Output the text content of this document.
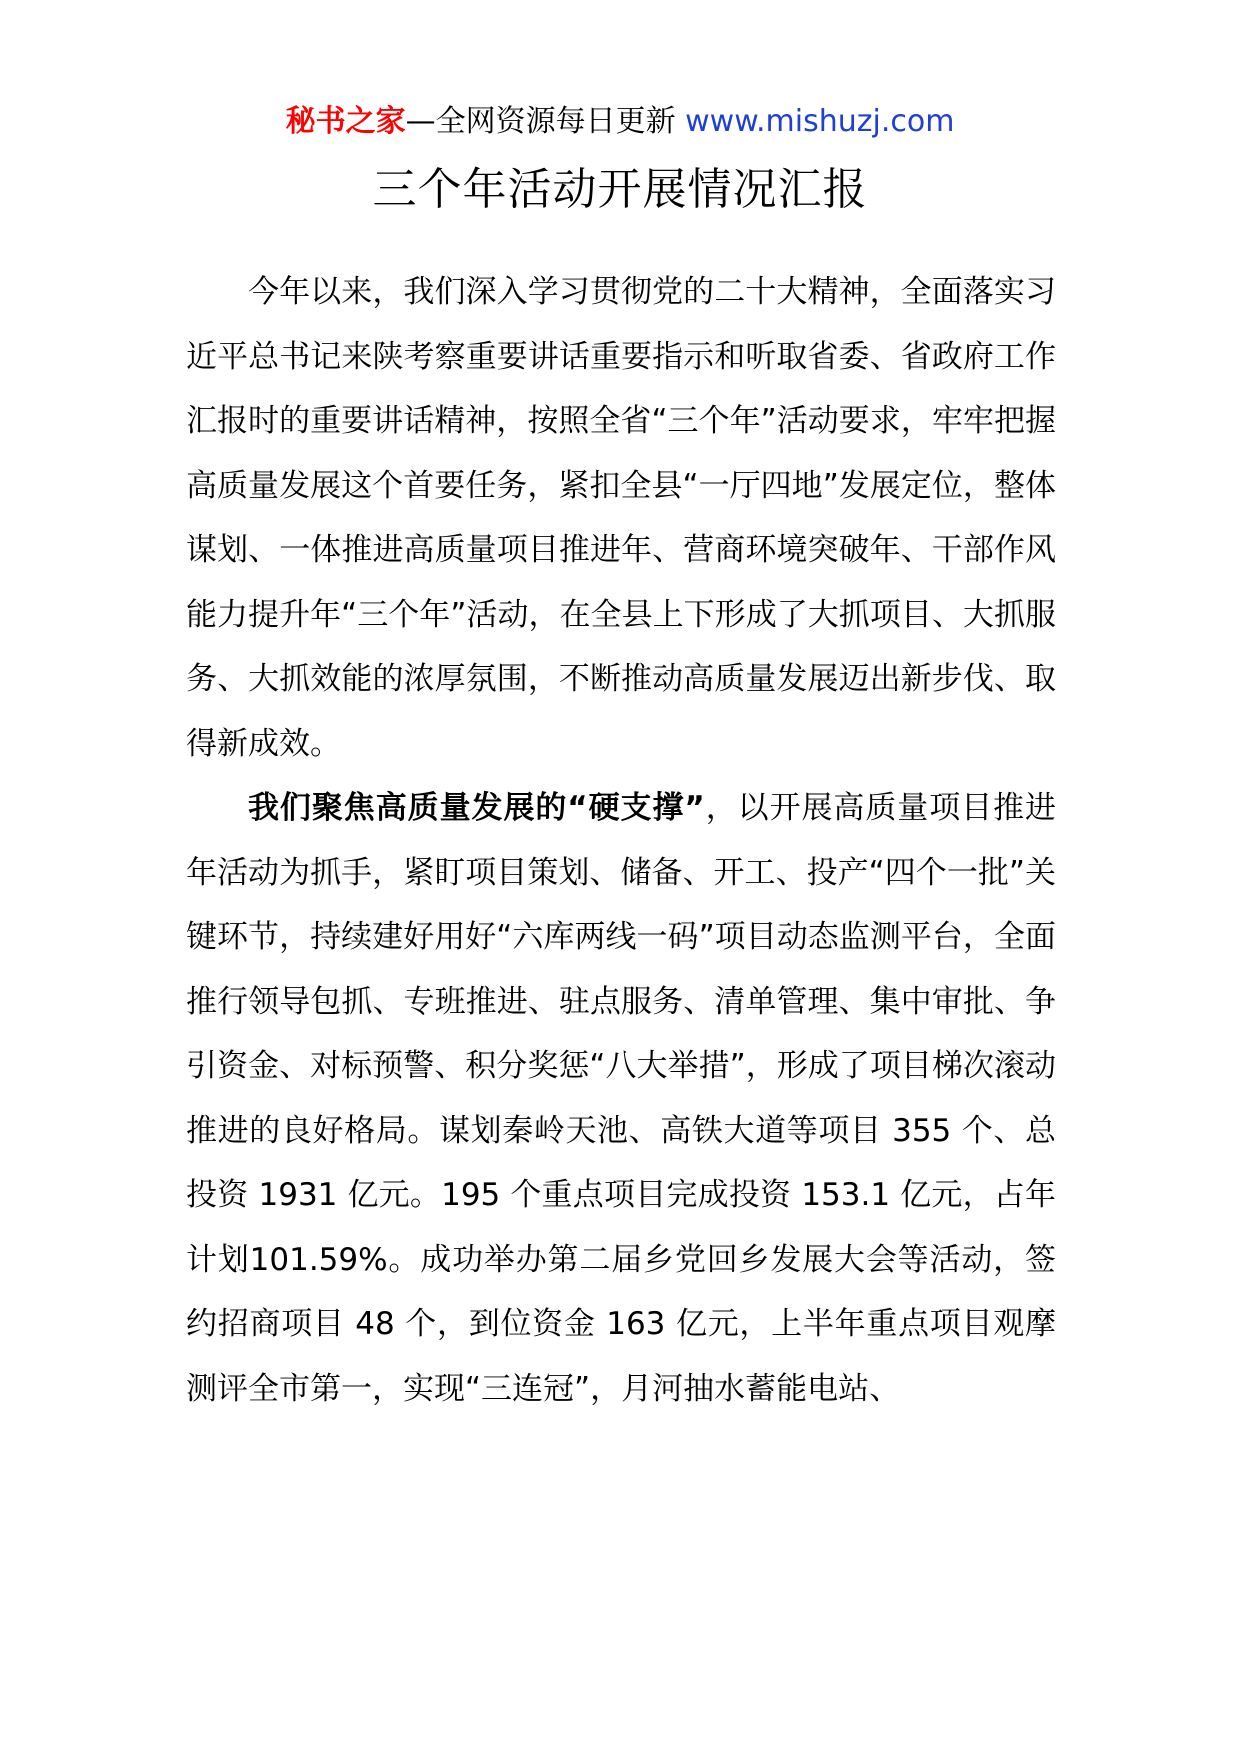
秘书之家—全网资源每日更新 www.mishuzj.com
三个年活动开展情况汇报

今年以来，我们深入学习贯彻党的二十大精神，全面落实习近平总书记来陕考察重要讲话重要指示和听取省委、省政府工作汇报时的重要讲话精神，按照全省“三个年”活动要求，牢牢把握高质量发展这个首要任务，紧扣全县“一厅四地”发展定位，整体谋划、一体推进高质量项目推进年、营商环境突破年、干部作风能力提升年“三个年”活动，在全县上下形成了大抓项目、大抓服务、大抓效能的浓厚氛围，不断推动高质量发展迈出新步伐、取得新成效。

我们聚焦高质量发展的“硬支撑”，以开展高质量项目推进年活动为抓手，紧盯项目策划、储备、开工、投产“四个一批”关键环节，持续建好用好“六库两线一码”项目动态监测平台，全面推行领导包抓、专班推进、驻点服务、清单管理、集中审批、争引资金、对标预警、积分奖惩“八大举措”，形成了项目梯次滚动推进的良好格局。谋划秦岭天池、高铁大道等项目 355 个、总投资 1931 亿元。195 个重点项目完成投资 153.1 亿元，占年计划101.59%。成功举办第二届乡党回乡发展大会等活动，签约招商项目 48 个，到位资金 163 亿元，上半年重点项目观摩测评全市第一，实现“三连冠”，月河抽水蓄能电站、
